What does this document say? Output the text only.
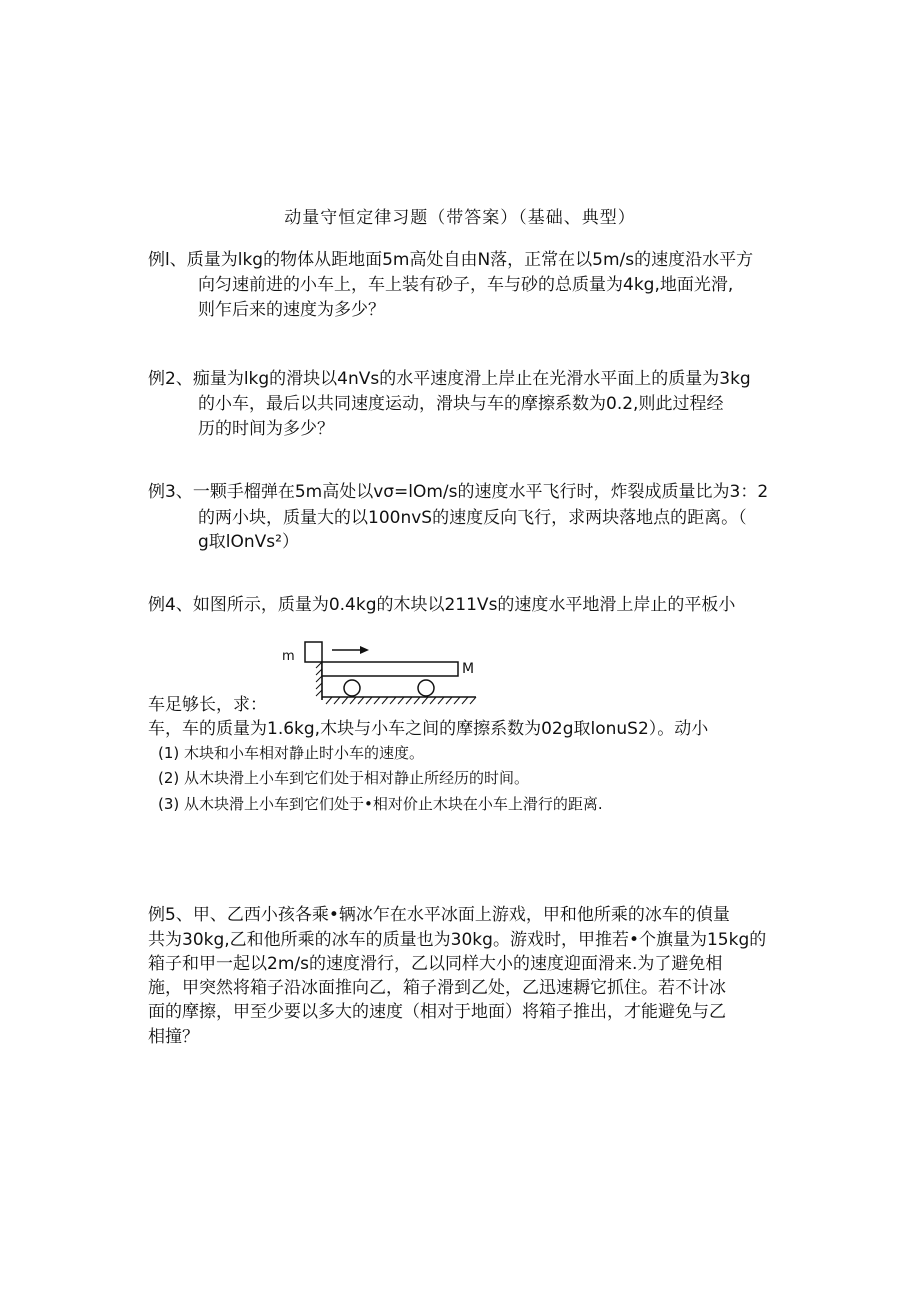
动量守恒定律习题（带答案）（基础、典型）
例l、质量为lkg的物体从距地面5m高处自由N落，正常在以5m∕s的速度沿水平方
向匀速前进的小车上，车上装有砂子，车与砂的总质量为4kg,地面光滑,
则乍后来的速度为多少？
例2、痂量为lkg的滑块以4nVs的水平速度滑上岸止在光滑水平面上的质量为3kg
的小车，最后以共同速度运动，滑块与车的摩擦系数为0.2,则此过程经
历的时间为多少？
例3、一颗手榴弹在5m高处以vσ=lOm∕s的速度水平飞行时，炸裂成质量比为3：2
的两小块，质量大的以100nvS的速度反向飞行，求两块落地点的距离。（
g取lOnVs²）
例4、如图所示，质量为0.4kg的木块以211Vs的速度水平地滑上岸止的平板小
m
M
车足够长，求：
车，车的质量为1.6kg,木块与小车之间的摩擦系数为02g取lonuS2）。动小
(1) 木块和小车相对静止时小车的速度。
(2) 从木块滑上小车到它们处于相对静止所经历的时间。
(3) 从木块滑上小车到它们处于•相对价止木块在小车上滑行的距离.
例5、甲、乙西小孩各乘•辆冰乍在水平冰面上游戏，甲和他所乘的冰车的偵量
共为30kg,乙和他所乘的冰车的质量也为30kg。游戏时，甲推若•个旗量为15kg的
箱子和甲一起以2m∕s的速度滑行，乙以同样大小的速度迎面滑来.为了避免相
施，甲突然将箱子沿冰面推向乙，箱子滑到乙处，乙迅速耨它抓住。若不计冰
面的摩擦，甲至少要以多大的速度（相对于地面）将箱子推出，才能避免与乙
相撞？
